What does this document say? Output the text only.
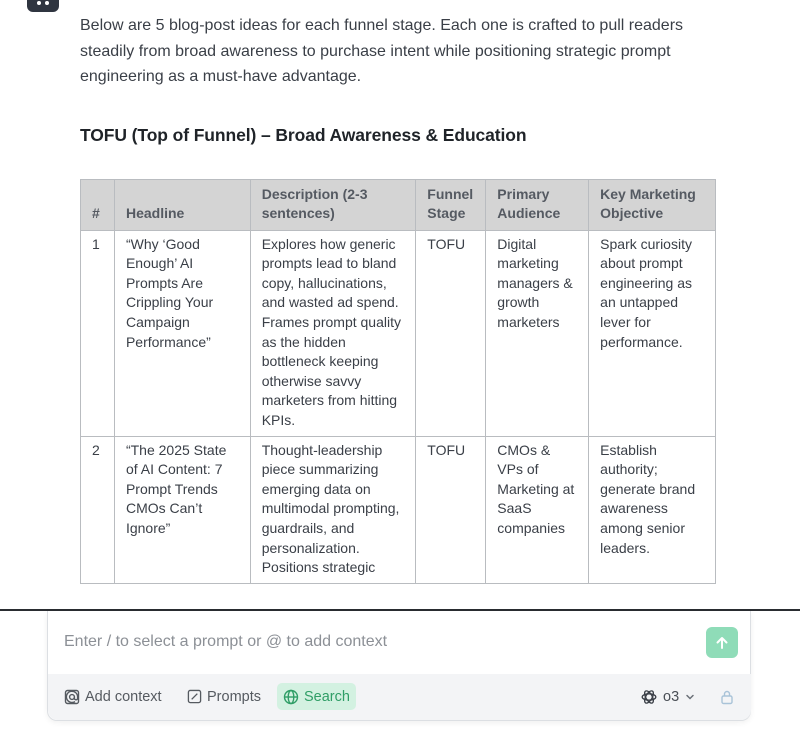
Below are 5 blog-post ideas for each funnel stage. Each one is crafted to pull readers steadily from broad awareness to purchase intent while positioning strategic prompt engineering as a must-have advantage.

TOFU (Top of Funnel) – Broad Awareness & Education
#	Headline	Description (2-3 sentences)	Funnel Stage	Primary Audience	Key Marketing Objective
1	“Why ‘Good Enough’ AI Prompts Are Crippling Your Campaign Performance”	Explores how generic prompts lead to bland copy, hallucinations, and wasted ad spend. Frames prompt quality as the hidden bottleneck keeping otherwise savvy marketers from hitting KPIs.	TOFU	Digital marketing managers & growth marketers	Spark curiosity about prompt engineering as an untapped lever for performance.
2	“The 2025 State of AI Content: 7 Prompt Trends CMOs Can’t Ignore”	Thought-leadership piece summarizing emerging data on multimodal prompting, guardrails, and personalization. Positions strategic	TOFU	CMOs & VPs of Marketing at SaaS companies	Establish authority; generate brand awareness among senior leaders.
Enter / to select a prompt or @ to add context
Add context	Prompts	Search	o3
